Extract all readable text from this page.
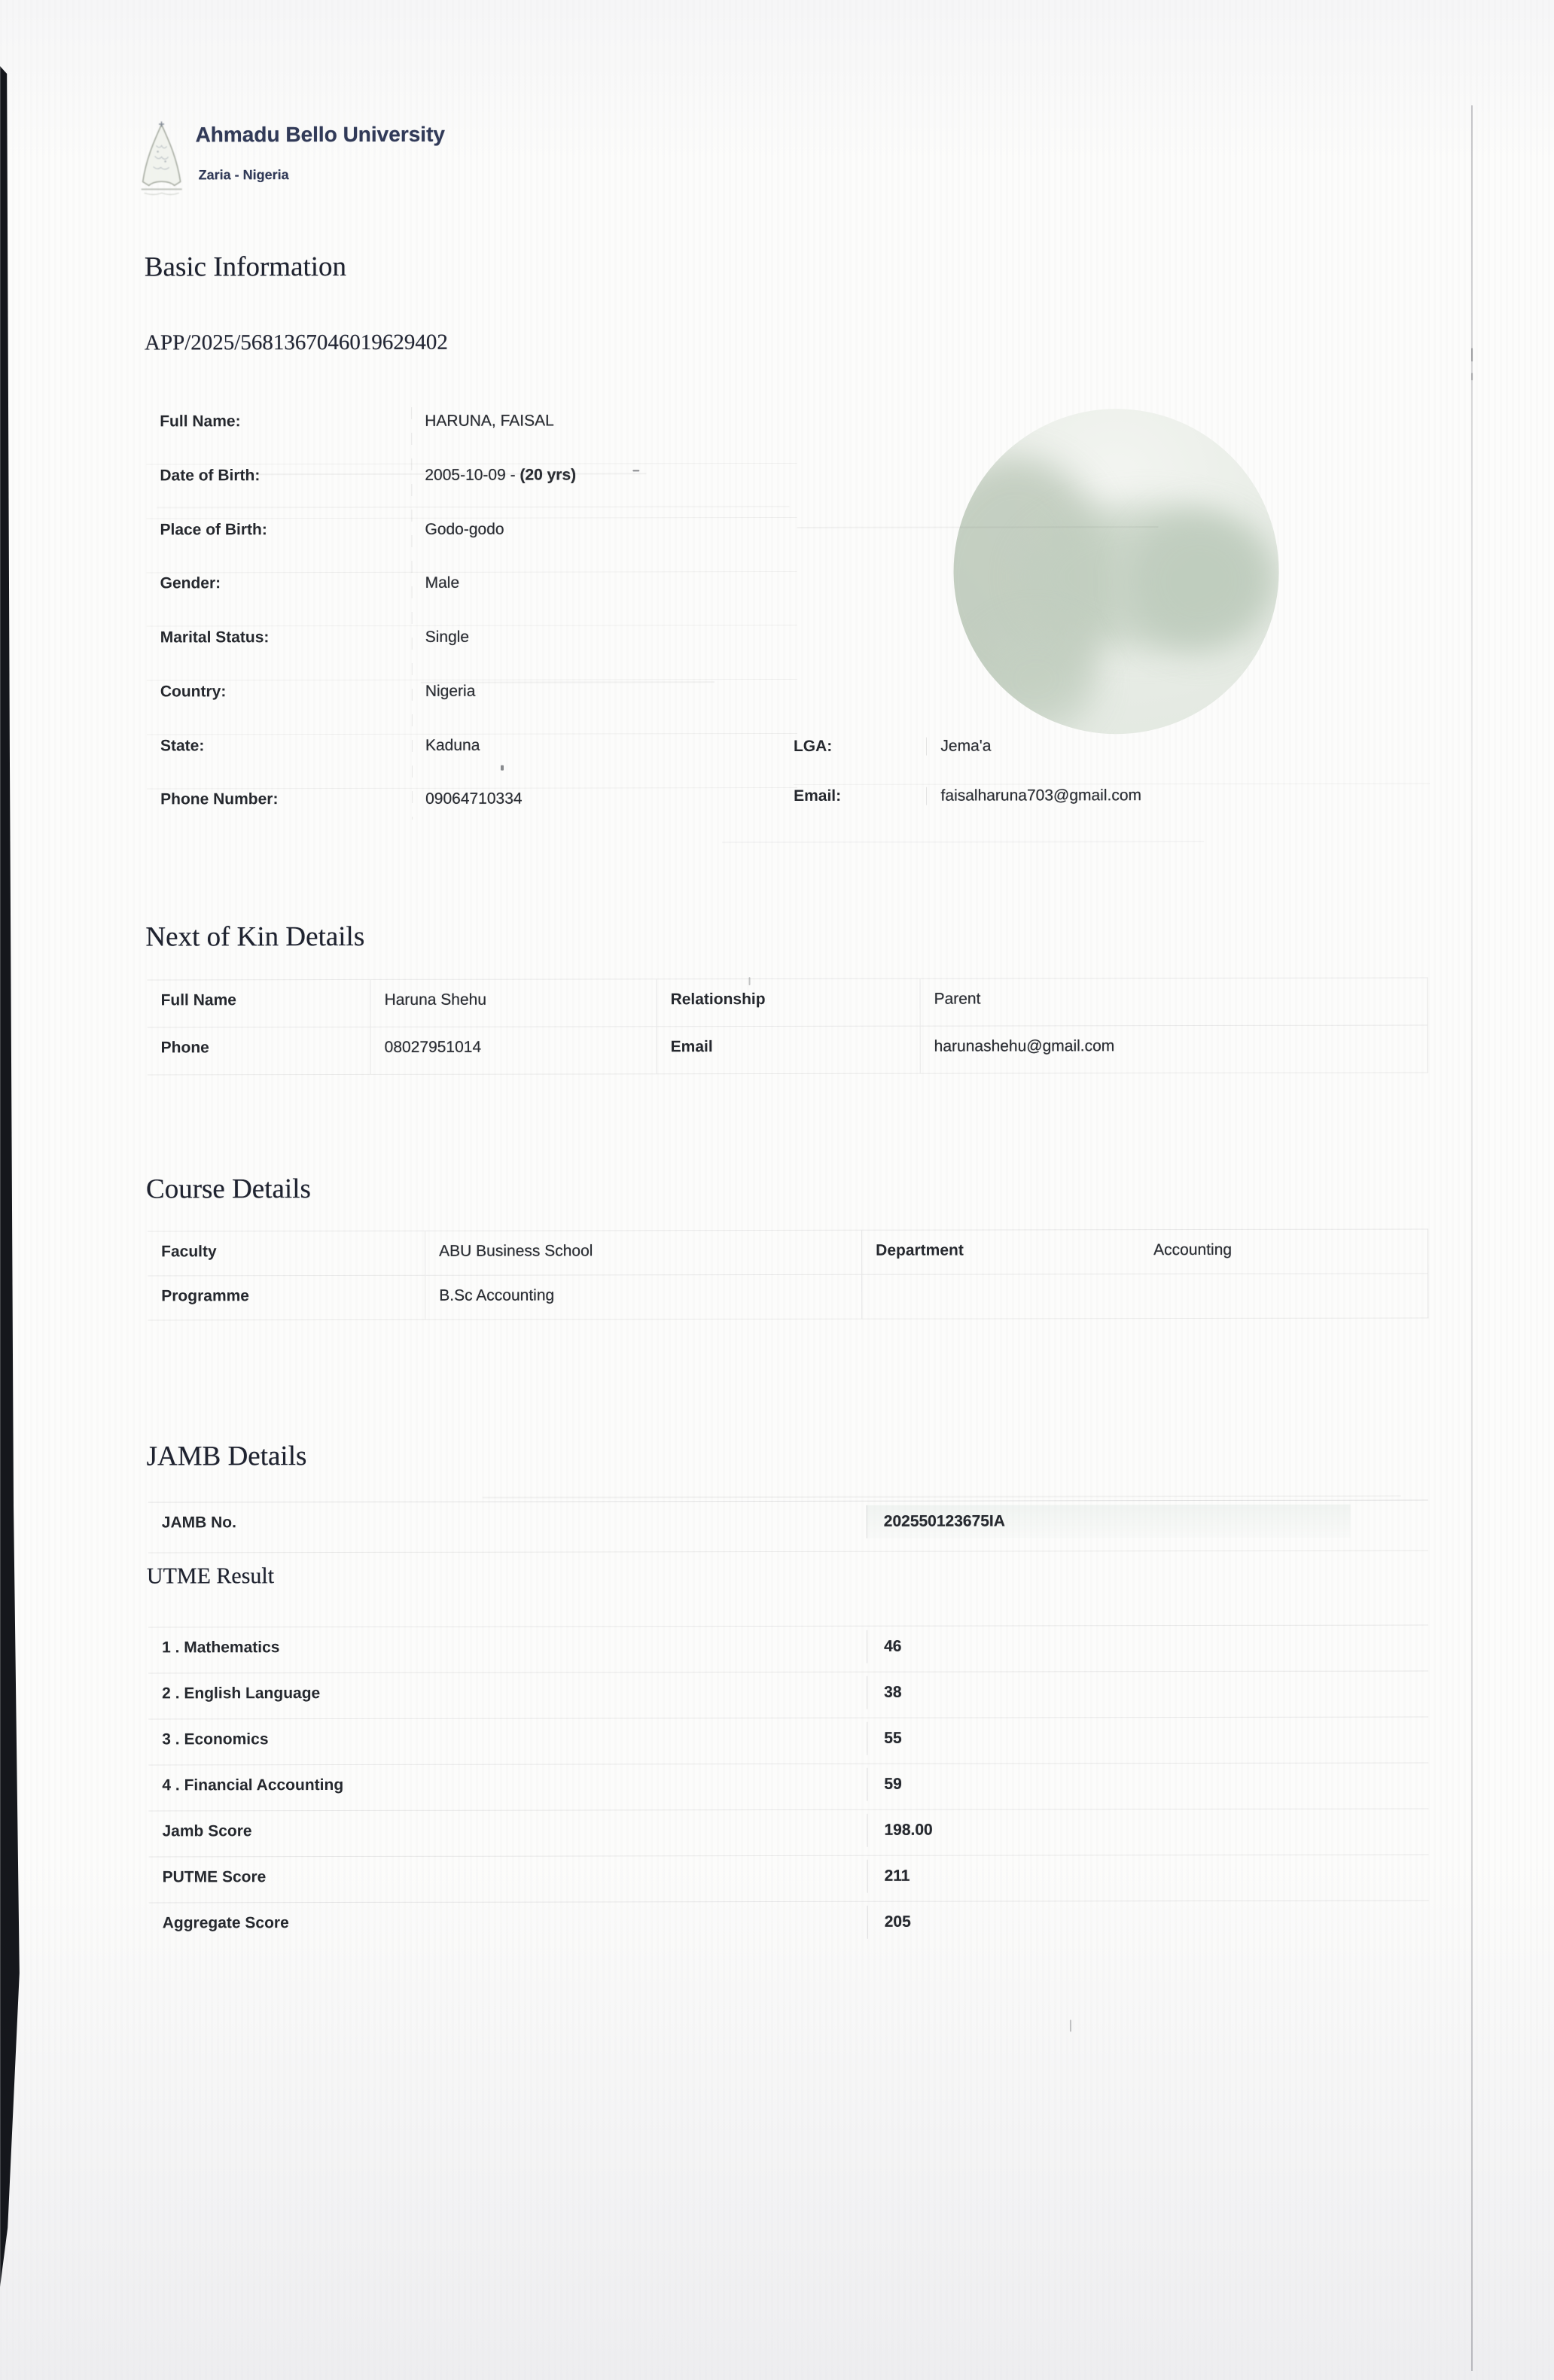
Ahmadu Bello University
Zaria - Nigeria
Basic Information
APP/2025/5681367046019629402
Full Name:	HARUNA, FAISAL
Date of Birth:	2005-10-09 - (20 yrs)
Place of Birth:	Godo-godo
Gender:	Male
Marital Status:	Single
Country:	Nigeria
State:	Kaduna
Phone Number:	09064710334
LGA:	Jema'a
Email:	faisalharuna703@gmail.com
Next of Kin Details
Full Name	Haruna Shehu	Relationship	Parent
Phone	08027951014	Email	harunashehu@gmail.com
Course Details
Faculty	ABU Business School	Department	Accounting
Programme	B.Sc Accounting
JAMB Details
JAMB No.	202550123675IA
UTME Result
1 . Mathematics	46
2 . English Language	38
3 . Economics	55
4 . Financial Accounting	59
Jamb Score	198.00
PUTME Score	211
Aggregate Score	205
